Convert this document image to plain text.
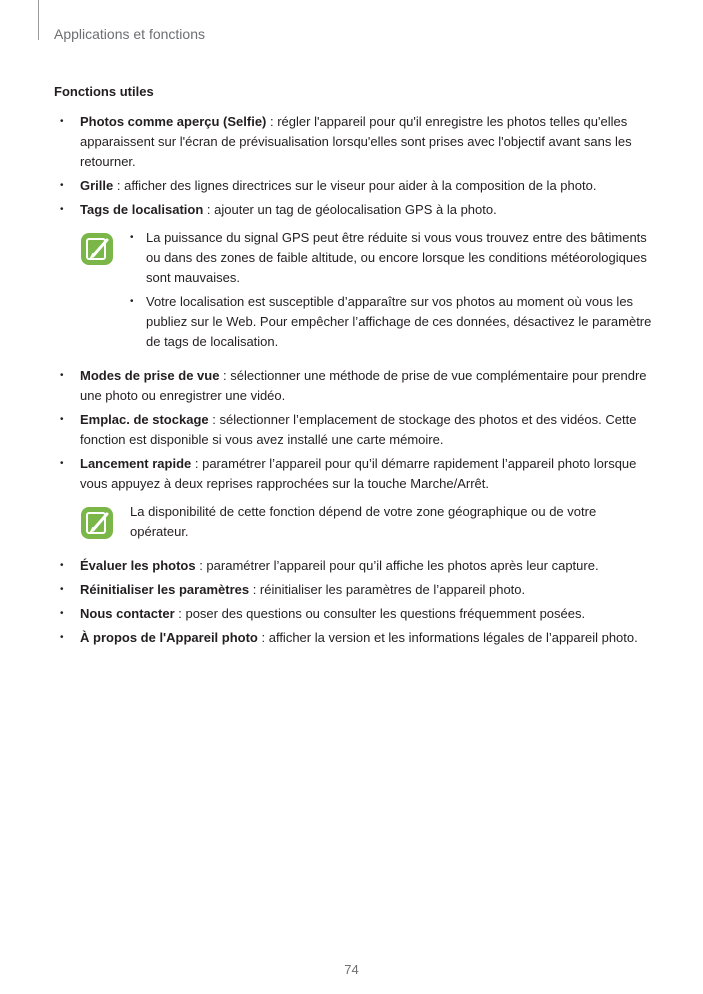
Applications et fonctions
Fonctions utiles
• Photos comme aperçu (Selfie) : régler l'appareil pour qu'il enregistre les photos telles qu'elles apparaissent sur l'écran de prévisualisation lorsqu'elles sont prises avec l'objectif avant sans les retourner.
• Grille : afficher des lignes directrices sur le viseur pour aider à la composition de la photo.
• Tags de localisation : ajouter un tag de géolocalisation GPS à la photo.
• La puissance du signal GPS peut être réduite si vous vous trouvez entre des bâtiments ou dans des zones de faible altitude, ou encore lorsque les conditions météorologiques sont mauvaises.
• Votre localisation est susceptible d’apparaître sur vos photos au moment où vous les publiez sur le Web. Pour empêcher l’affichage de ces données, désactivez le paramètre de tags de localisation.
• Modes de prise de vue : sélectionner une méthode de prise de vue complémentaire pour prendre une photo ou enregistrer une vidéo.
• Emplac. de stockage : sélectionner l’emplacement de stockage des photos et des vidéos. Cette fonction est disponible si vous avez installé une carte mémoire.
• Lancement rapide : paramétrer l’appareil pour qu’il démarre rapidement l’appareil photo lorsque vous appuyez à deux reprises rapprochées sur la touche Marche/Arrêt.
La disponibilité de cette fonction dépend de votre zone géographique ou de votre opérateur.
• Évaluer les photos : paramétrer l’appareil pour qu’il affiche les photos après leur capture.
• Réinitialiser les paramètres : réinitialiser les paramètres de l’appareil photo.
• Nous contacter : poser des questions ou consulter les questions fréquemment posées.
• À propos de l'Appareil photo : afficher la version et les informations légales de l’appareil photo.
74
